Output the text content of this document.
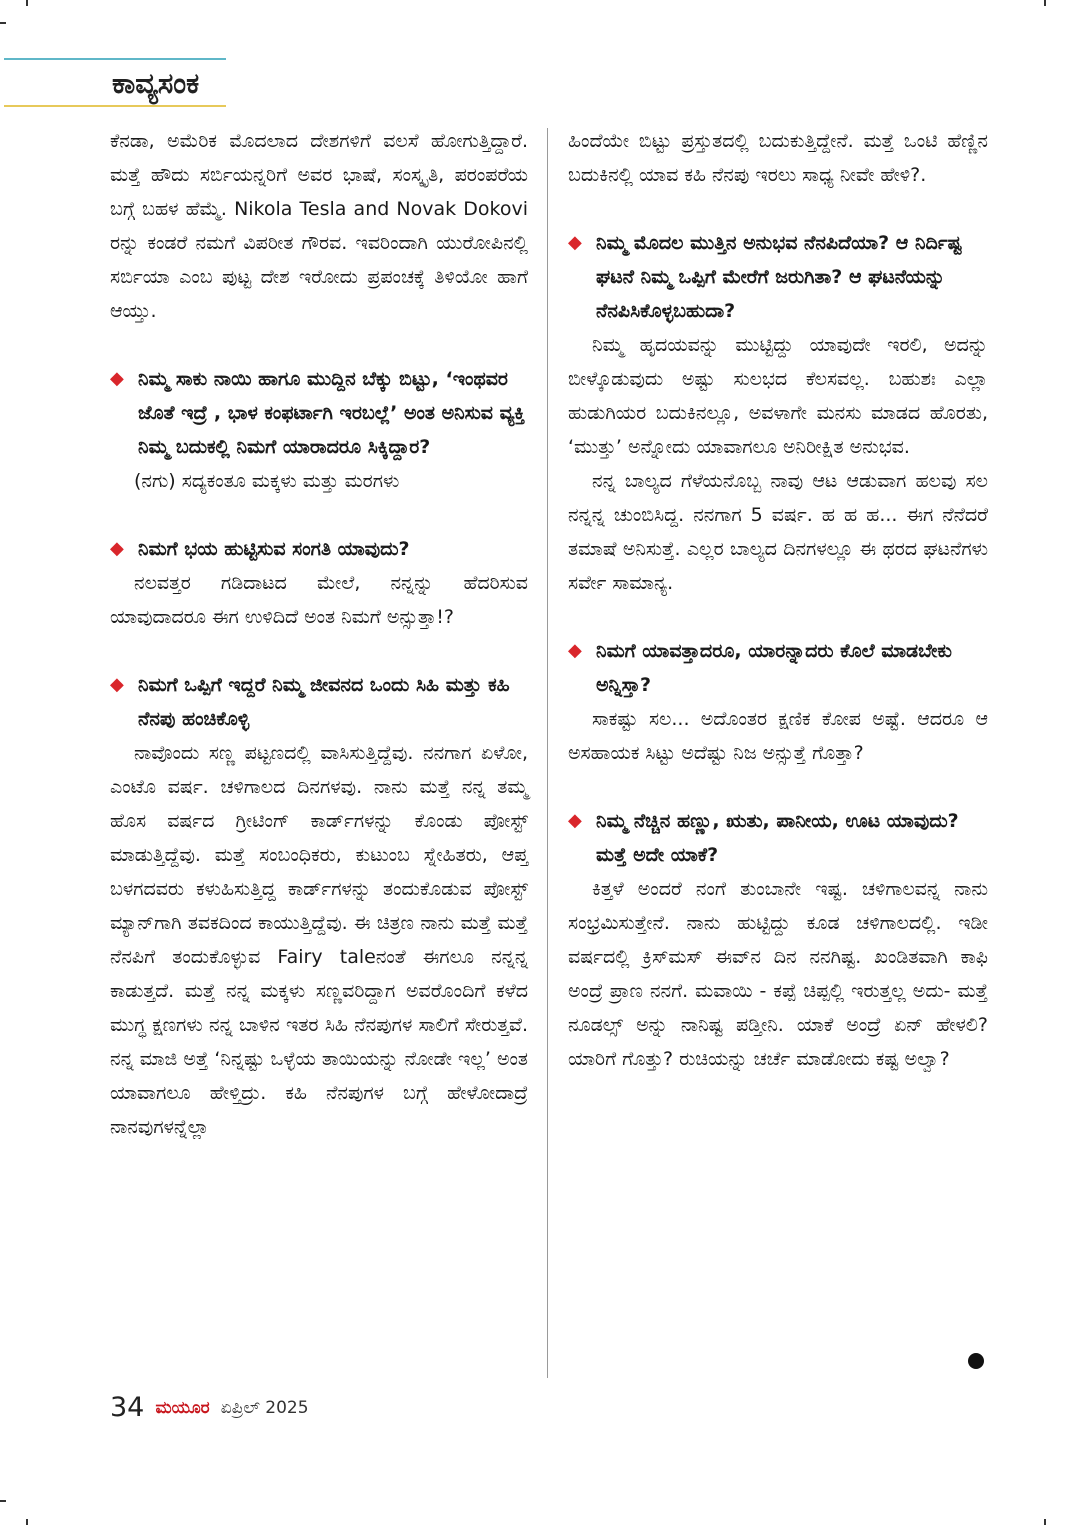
ಕಾವ್ಯಸಂಕ

ಕೆನಡಾ, ಅಮೆರಿಕ ಮೊದಲಾದ ದೇಶಗಳಿಗೆ ವಲಸೆ ಹೋಗುತ್ತಿದ್ದಾರೆ. ಮತ್ತೆ ಹೌದು ಸರ್ಬಿಯನ್ನರಿಗೆ ಅವರ ಭಾಷೆ, ಸಂಸ್ಕೃತಿ, ಪರಂಪರೆಯ ಬಗ್ಗೆ ಬಹಳ ಹೆಮ್ಮೆ. Nikola Tesla and Novak Dokovi ರನ್ನು ಕಂಡರೆ ನಮಗೆ ವಿಪರೀತ ಗೌರವ. ಇವರಿಂದಾಗಿ ಯುರೋಪಿನಲ್ಲಿ ಸರ್ಬಿಯಾ ಎಂಬ ಪುಟ್ಟ ದೇಶ ಇರೋದು ಪ್ರಪಂಚಕ್ಕೆ ತಿಳಿಯೋ ಹಾಗೆ ಆಯ್ತು.

◆ ನಿಮ್ಮ ಸಾಕು ನಾಯಿ ಹಾಗೂ ಮುದ್ದಿನ ಬೆಕ್ಕು ಬಿಟ್ಟು, ‘ಇಂಥವರ ಜೊತೆ ಇದ್ರೆ , ಭಾಳ ಕಂಫರ್ಟಾಗಿ ಇರಬಲ್ಲೆ’ ಅಂತ ಅನಿಸುವ ವ್ಯಕ್ತಿ ನಿಮ್ಮ ಬದುಕಲ್ಲಿ ನಿಮಗೆ ಯಾರಾದರೂ ಸಿಕ್ಕಿದ್ದಾರ?

(ನಗು) ಸದ್ಯಕಂತೂ ಮಕ್ಕಳು ಮತ್ತು ಮರಗಳು

◆ ನಿಮಗೆ ಭಯ ಹುಟ್ಟಿಸುವ ಸಂಗತಿ ಯಾವುದು?

ನಲವತ್ತರ ಗಡಿದಾಟದ ಮೇಲೆ, ನನ್ನನ್ನು ಹೆದರಿಸುವ ಯಾವುದಾದರೂ ಈಗ ಉಳಿದಿದೆ ಅಂತ ನಿಮಗೆ ಅನ್ಸುತ್ತಾ!?

◆ ನಿಮಗೆ ಒಪ್ಪಿಗೆ ಇದ್ದರೆ ನಿಮ್ಮ ಜೀವನದ ಒಂದು ಸಿಹಿ ಮತ್ತು ಕಹಿ ನೆನಪು ಹಂಚಿಕೊಳ್ಳಿ

ನಾವೊಂದು ಸಣ್ಣ ಪಟ್ಟಣದಲ್ಲಿ ವಾಸಿಸುತ್ತಿದ್ದೆವು. ನನಗಾಗ ಏಳೋ, ಎಂಟೊ ವರ್ಷ. ಚಳಿಗಾಲದ ದಿನಗಳವು. ನಾನು ಮತ್ತೆ ನನ್ನ ತಮ್ಮ ಹೊಸ ವರ್ಷದ ಗ್ರೀಟಿಂಗ್ ಕಾರ್ಡ್‌ಗಳನ್ನು ಕೊಂಡು ಪೋಸ್ಟ್ ಮಾಡುತ್ತಿದ್ದೆವು. ಮತ್ತೆ ಸಂಬಂಧಿಕರು, ಕುಟುಂಬ ಸ್ನೇಹಿತರು, ಆಪ್ತ ಬಳಗದವರು ಕಳುಹಿಸುತ್ತಿದ್ದ ಕಾರ್ಡ್‌ಗಳನ್ನು ತಂದುಕೊಡುವ ಪೋಸ್ಟ್ ಮ್ಯಾನ್‌ಗಾಗಿ ತವಕದಿಂದ ಕಾಯುತ್ತಿದ್ದೆವು. ಈ ಚಿತ್ರಣ ನಾನು ಮತ್ತೆ ಮತ್ತೆ ನೆನಪಿಗೆ ತಂದುಕೊಳ್ಳುವ Fairy taleನಂತೆ ಈಗಲೂ ನನ್ನನ್ನ ಕಾಡುತ್ತದೆ. ಮತ್ತೆ ನನ್ನ ಮಕ್ಕಳು ಸಣ್ಣವರಿದ್ದಾಗ ಅವರೊಂದಿಗೆ ಕಳೆದ ಮುಗ್ಧ ಕ್ಷಣಗಳು ನನ್ನ ಬಾಳಿನ ಇತರ ಸಿಹಿ ನೆನಪುಗಳ ಸಾಲಿಗೆ ಸೇರುತ್ತವೆ. ನನ್ನ ಮಾಜಿ ಅತ್ತೆ ‘ನಿನ್ನಷ್ಟು ಒಳ್ಳೆಯ ತಾಯಿಯನ್ನು ನೋಡೇ ಇಲ್ಲ’ ಅಂತ ಯಾವಾಗಲೂ ಹೇಳ್ತಿದ್ರು. ಕಹಿ ನೆನಪುಗಳ ಬಗ್ಗೆ ಹೇಳೋದಾದ್ರೆ ನಾನವುಗಳನ್ನೆಲ್ಲಾ

ಹಿಂದೆಯೇ ಬಿಟ್ಟು ಪ್ರಸ್ತುತದಲ್ಲಿ ಬದುಕುತ್ತಿದ್ದೇನೆ. ಮತ್ತೆ ಒಂಟಿ ಹೆಣ್ಣಿನ ಬದುಕಿನಲ್ಲಿ ಯಾವ ಕಹಿ ನೆನಪು ಇರಲು ಸಾಧ್ಯ ನೀವೇ ಹೇಳಿ?.

◆ ನಿಮ್ಮ ಮೊದಲ ಮುತ್ತಿನ ಅನುಭವ ನೆನಪಿದೆಯಾ? ಆ ನಿರ್ದಿಷ್ಟ ಘಟನೆ ನಿಮ್ಮ ಒಪ್ಪಿಗೆ ಮೇರೆಗೆ ಜರುಗಿತಾ? ಆ ಘಟನೆಯನ್ನು ನೆನಪಿಸಿಕೊಳ್ಳಬಹುದಾ?

ನಿಮ್ಮ ಹೃದಯವನ್ನು ಮುಟ್ಟಿದ್ದು ಯಾವುದೇ ಇರಲಿ, ಅದನ್ನು ಬೀಳ್ಕೊಡುವುದು ಅಷ್ಟು ಸುಲಭದ ಕೆಲಸವಲ್ಲ. ಬಹುಶಃ ಎಲ್ಲಾ ಹುಡುಗಿಯರ ಬದುಕಿನಲ್ಲೂ, ಅವಳಾಗೇ ಮನಸು ಮಾಡದ ಹೊರತು, ‘ಮುತ್ತು’ ಅನ್ನೋದು ಯಾವಾಗಲೂ ಅನಿರೀಕ್ಷಿತ ಅನುಭವ.

ನನ್ನ ಬಾಲ್ಯದ ಗೆಳೆಯನೊಬ್ಬ ನಾವು ಆಟ ಆಡುವಾಗ ಹಲವು ಸಲ ನನ್ನನ್ನ ಚುಂಬಿಸಿದ್ದ. ನನಗಾಗ 5 ವರ್ಷ. ಹ ಹ ಹ... ಈಗ ನೆನೆದರೆ ತಮಾಷೆ ಅನಿಸುತ್ತೆ. ಎಲ್ಲರ ಬಾಲ್ಯದ ದಿನಗಳಲ್ಲೂ ಈ ಥರದ ಘಟನೆಗಳು ಸರ್ವೇ ಸಾಮಾನ್ಯ.

◆ ನಿಮಗೆ ಯಾವತ್ತಾದರೂ, ಯಾರನ್ನಾದರು ಕೊಲೆ ಮಾಡಬೇಕು ಅನ್ನಿಸ್ತಾ?

ಸಾಕಷ್ಟು ಸಲ... ಅದೊಂತರ ಕ್ಷಣಿಕ ಕೋಪ ಅಷ್ಟೆ. ಆದರೂ ಆ ಅಸಹಾಯಕ ಸಿಟ್ಟು ಅದೆಷ್ಟು ನಿಜ ಅನ್ಸುತ್ತೆ ಗೊತ್ತಾ?

◆ ನಿಮ್ಮ ನೆಚ್ಚಿನ ಹಣ್ಣು, ಋತು, ಪಾನೀಯ, ಊಟ ಯಾವುದು? ಮತ್ತೆ ಅದೇ ಯಾಕೆ?

ಕಿತ್ತಳೆ ಅಂದರೆ ನಂಗೆ ತುಂಬಾನೇ ಇಷ್ಟ. ಚಳಿಗಾಲವನ್ನ ನಾನು ಸಂಭ್ರಮಿಸುತ್ತೇನೆ. ನಾನು ಹುಟ್ಟಿದ್ದು ಕೂಡ ಚಳಿಗಾಲದಲ್ಲಿ. ಇಡೀ ವರ್ಷದಲ್ಲಿ ಕ್ರಿಸ್‌ಮಸ್ ಈವ್‌ನ ದಿನ ನನಗಿಷ್ಟ. ಖಂಡಿತವಾಗಿ ಕಾಫಿ ಅಂದ್ರೆ ಪ್ರಾಣ ನನಗೆ. ಮವಾಯಿ - ಕಪ್ಪೆ ಚಿಪ್ಪಲ್ಲಿ ಇರುತ್ತಲ್ಲ ಅದು- ಮತ್ತೆ ನೂಡಲ್ಸ್ ಅನ್ನು ನಾನಿಷ್ಟ ಪಡ್ತೀನಿ. ಯಾಕೆ ಅಂದ್ರೆ ಏನ್ ಹೇಳಲಿ? ಯಾರಿಗೆ ಗೊತ್ತು? ರುಚಿಯನ್ನು ಚರ್ಚೆ ಮಾಡೋದು ಕಷ್ಟ ಅಲ್ವಾ?

34 ಮಯೂರ ಏಪ್ರಿಲ್ 2025
